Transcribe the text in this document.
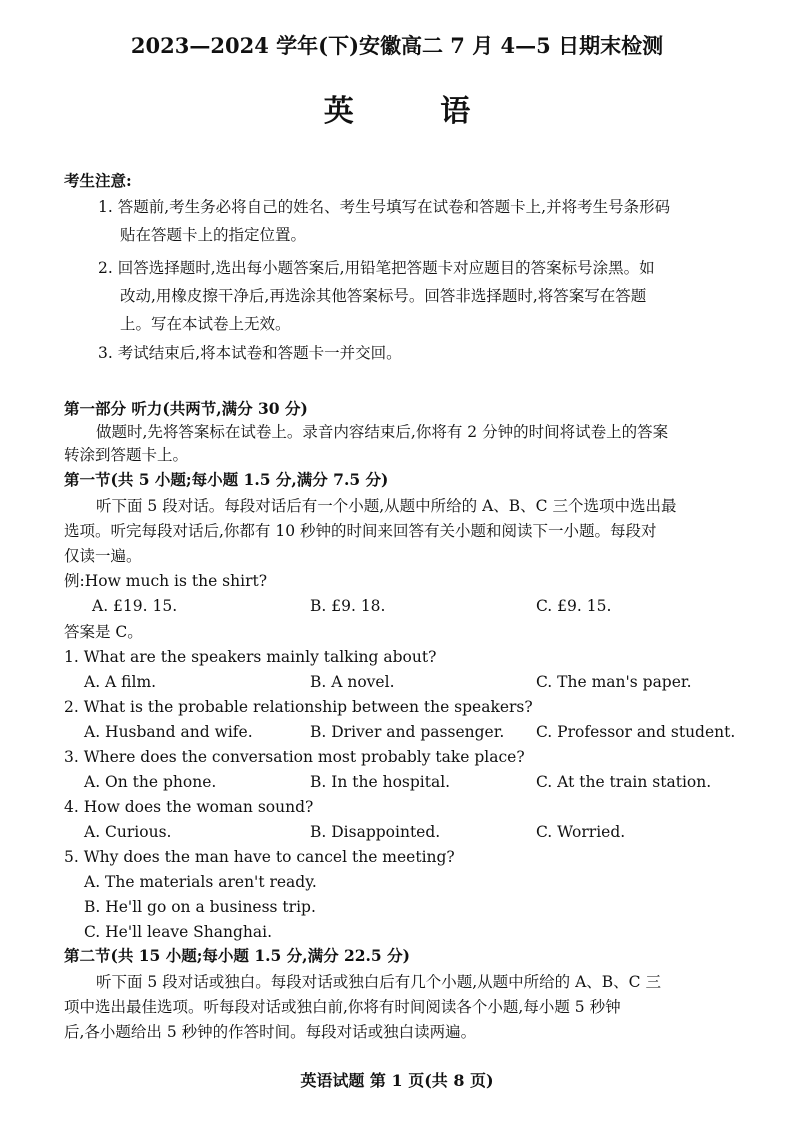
2023—2024 学年(下)安徽高二 7 月 4—5 日期末检测
英 语
考生注意:
1. 答题前,考生务必将自己的姓名、考生号填写在试卷和答题卡上,并将考生号条形码
贴在答题卡上的指定位置。
2. 回答选择题时,选出每小题答案后,用铅笔把答题卡对应题目的答案标号涂黑。如
改动,用橡皮擦干净后,再选涂其他答案标号。回答非选择题时,将答案写在答题
上。写在本试卷上无效。
3. 考试结束后,将本试卷和答题卡一并交回。
第一部分 听力(共两节,满分 30 分)
做题时,先将答案标在试卷上。录音内容结束后,你将有 2 分钟的时间将试卷上的答案
转涂到答题卡上。
第一节(共 5 小题;每小题 1.5 分,满分 7.5 分)
听下面 5 段对话。每段对话后有一个小题,从题中所给的 A、B、C 三个选项中选出最
选项。听完每段对话后,你都有 10 秒钟的时间来回答有关小题和阅读下一小题。每段对
仅读一遍。
例:How much is the shirt?
A. £19. 15.	B. £9. 18.	C. £9. 15.
答案是 C。
1. What are the speakers mainly talking about?
A. A film.	B. A novel.	C. The man's paper.
2. What is the probable relationship between the speakers?
A. Husband and wife.	B. Driver and passenger. C. Professor and student.
3. Where does the conversation most probably take place?
A. On the phone.	B. In the hospital.	C. At the train station.
4. How does the woman sound?
A. Curious.	B. Disappointed.	C. Worried.
5. Why does the man have to cancel the meeting?
A. The materials aren't ready.
B. He'll go on a business trip.
C. He'll leave Shanghai.
第二节(共 15 小题;每小题 1.5 分,满分 22.5 分)
听下面 5 段对话或独白。每段对话或独白后有几个小题,从题中所给的 A、B、C 三
项中选出最佳选项。听每段对话或独白前,你将有时间阅读各个小题,每小题 5 秒钟
后,各小题给出 5 秒钟的作答时间。每段对话或独白读两遍。
英语试题 第 1 页(共 8 页)
